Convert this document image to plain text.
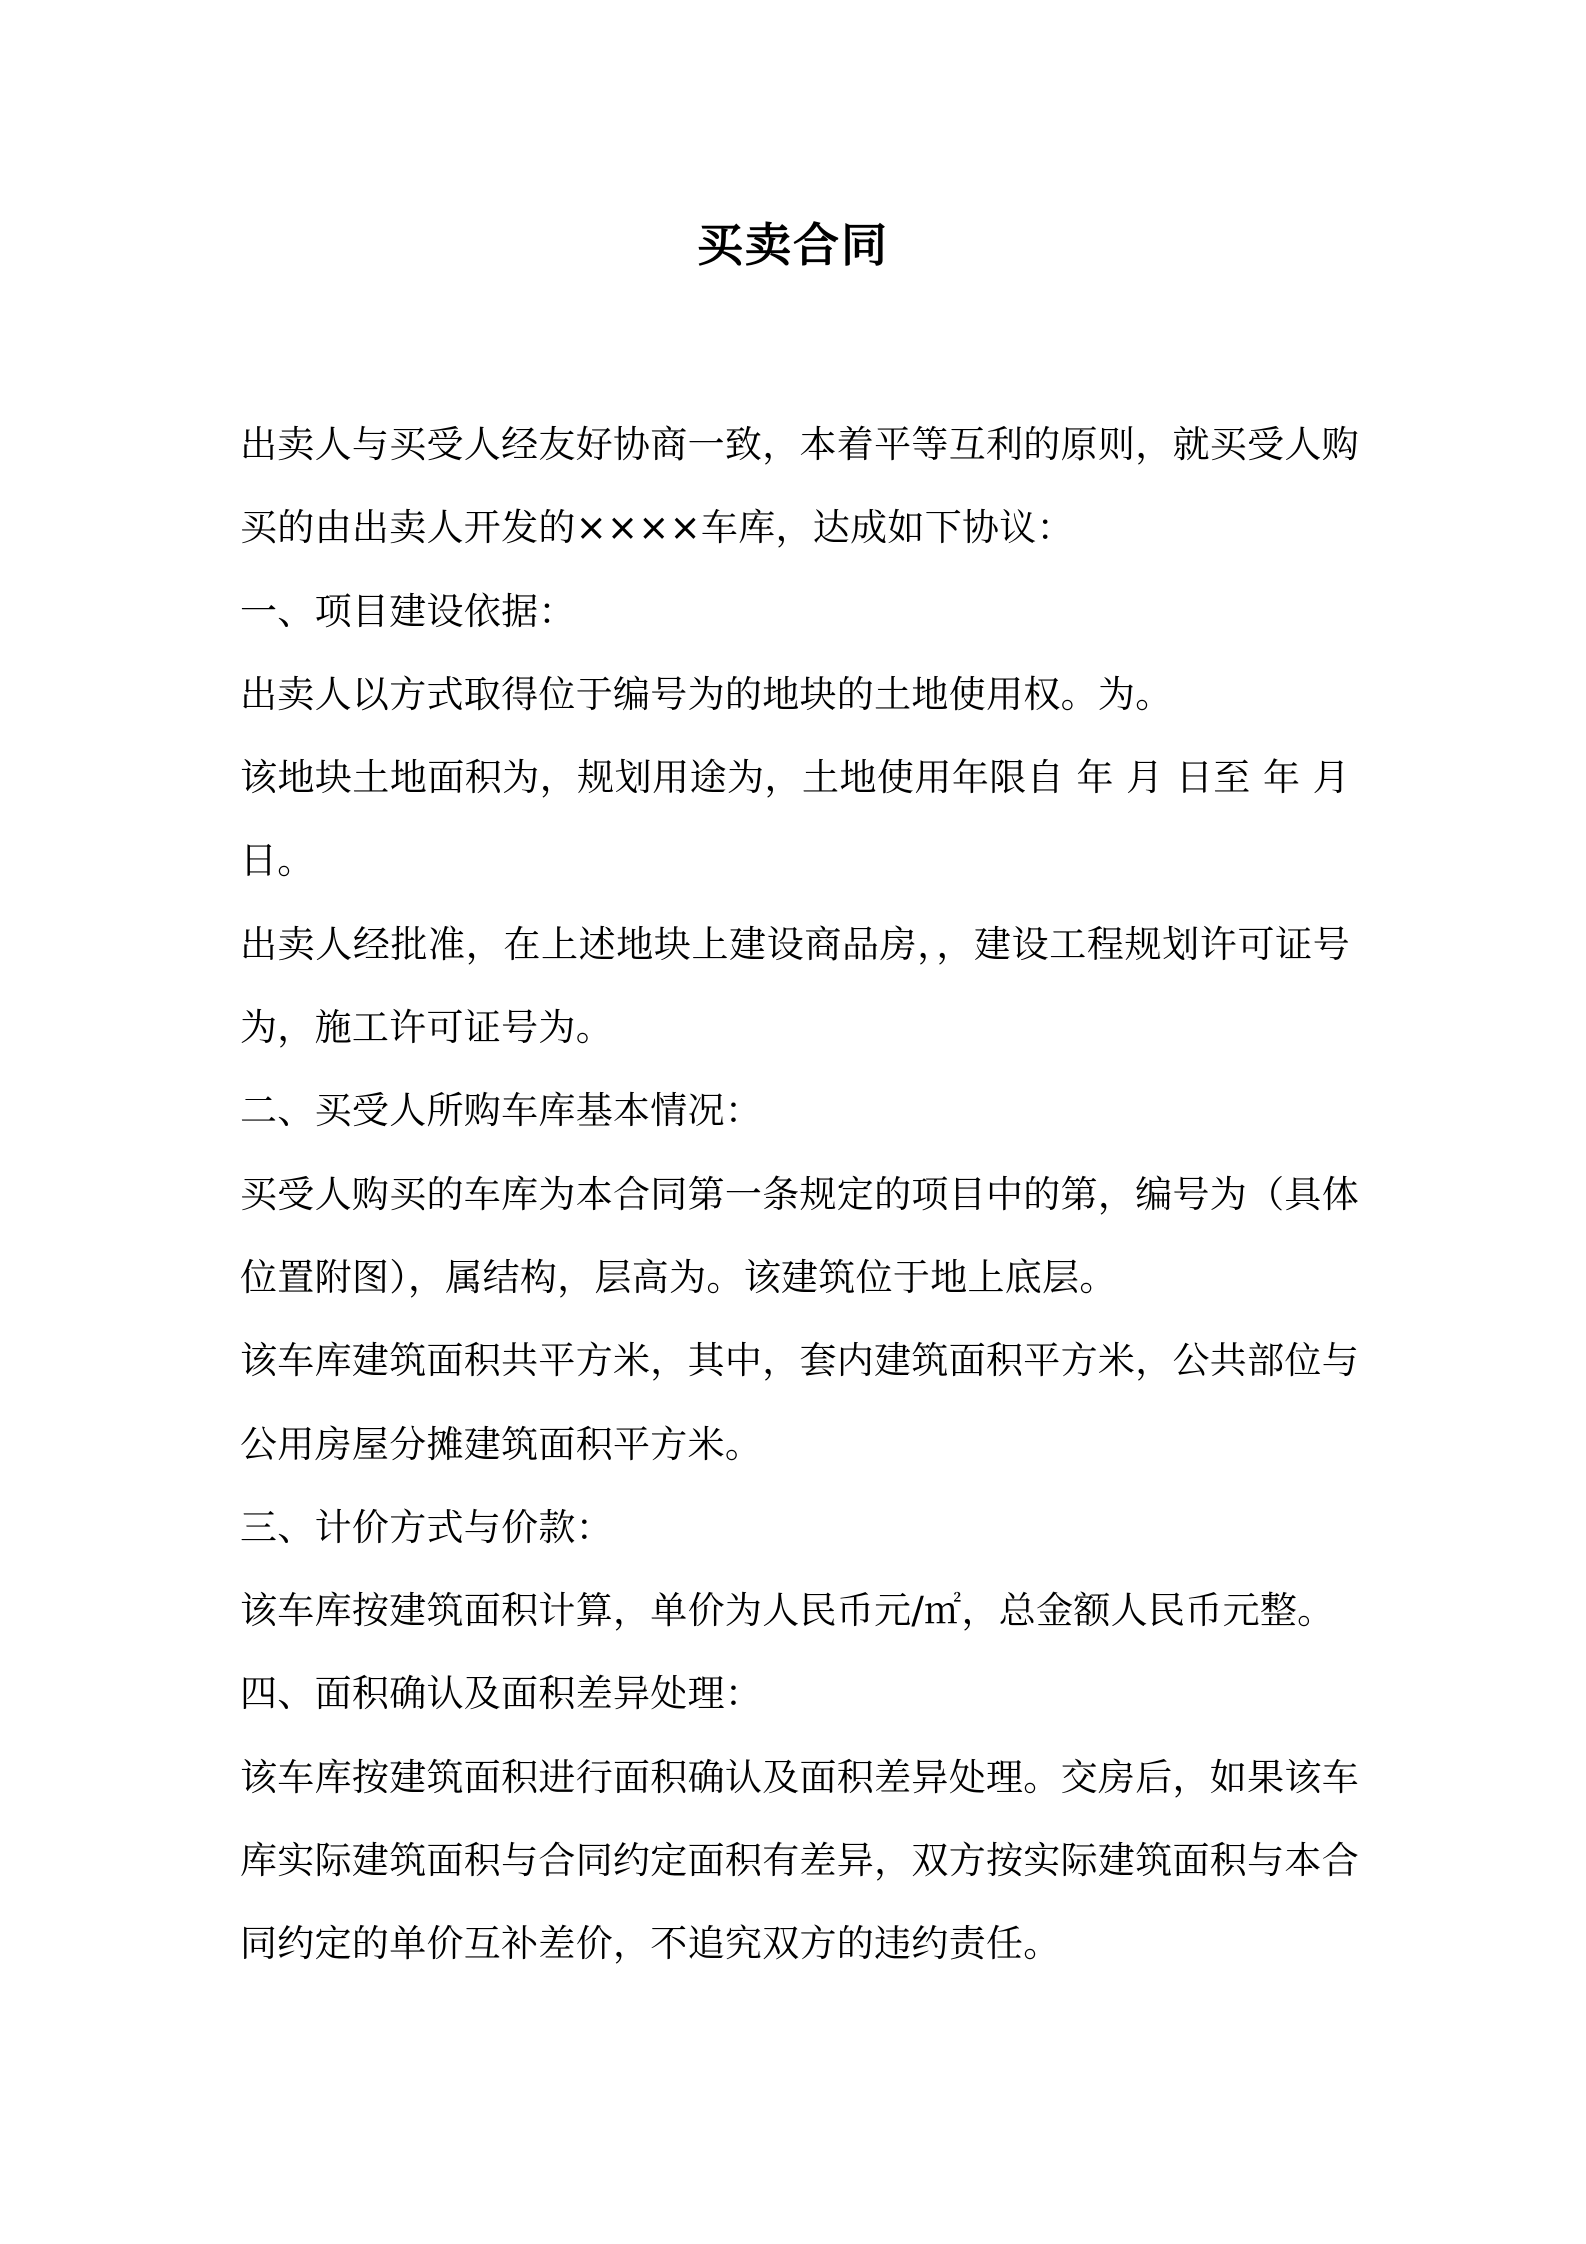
买卖合同
出卖人与买受人经友好协商一致，本着平等互利的原则，就买受人购
买的由出卖人开发的××××车库，达成如下协议：
一、项目建设依据：
出卖人以方式取得位于编号为的地块的土地使用权。为。
该地块土地面积为，规划用途为，土地使用年限自 年 月 日至 年 月
日。
出卖人经批准，在上述地块上建设商品房，，建设工程规划许可证号
为，施工许可证号为。
二、买受人所购车库基本情况：
买受人购买的车库为本合同第一条规定的项目中的第，编号为（具体
位置附图），属结构，层高为。该建筑位于地上底层。
该车库建筑面积共平方米，其中，套内建筑面积平方米，公共部位与
公用房屋分摊建筑面积平方米。
三、计价方式与价款：
该车库按建筑面积计算，单价为人民币元/㎡，总金额人民币元整。
四、面积确认及面积差异处理：
该车库按建筑面积进行面积确认及面积差异处理。交房后，如果该车
库实际建筑面积与合同约定面积有差异，双方按实际建筑面积与本合
同约定的单价互补差价，不追究双方的违约责任。
